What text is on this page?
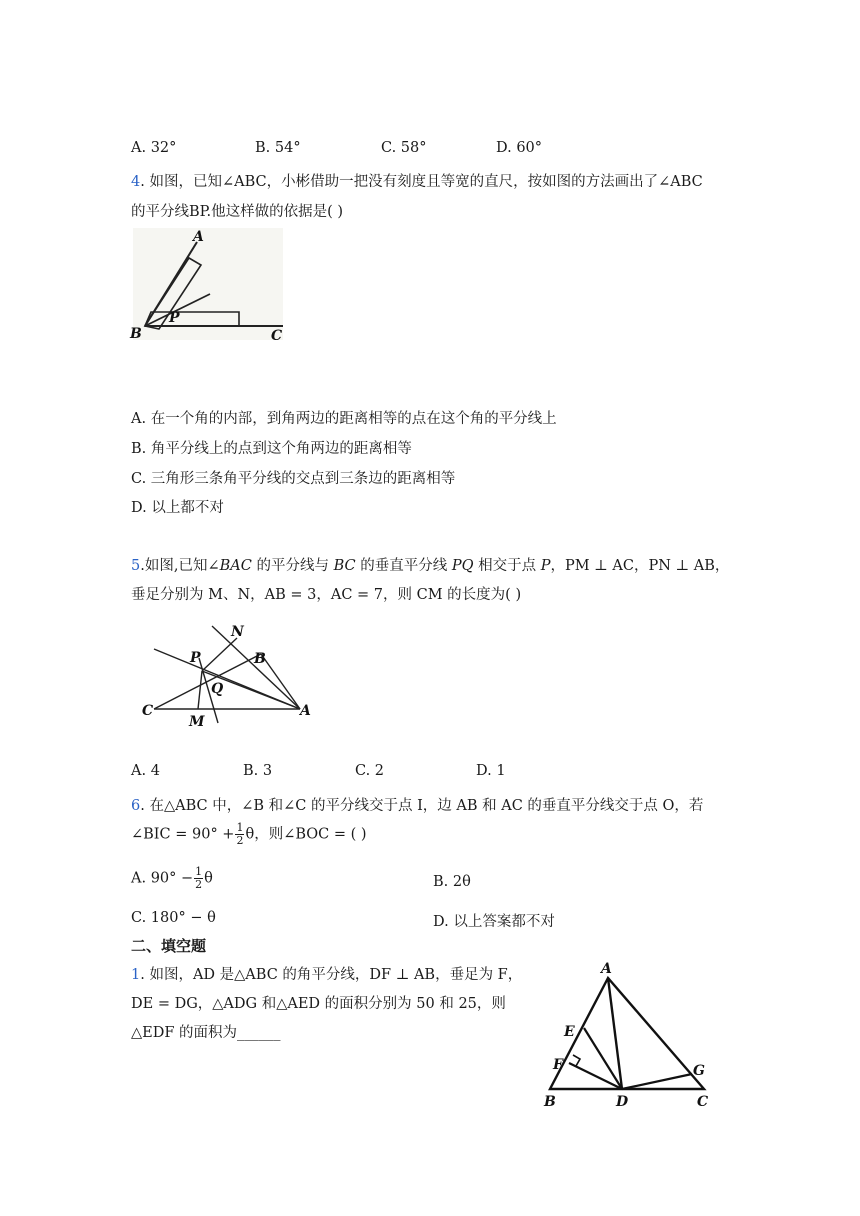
A. 32°	B. 54°	C. 58°	D. 60°
4. 如图，已知∠ABC，小彬借助一把没有刻度且等宽的直尺，按如图的方法画出了∠ABC
的平分线BP.他这样做的依据是( )
A
B	C
P
A. 在一个角的内部，到角两边的距离相等的点在这个角的平分线上
B. 角平分线上的点到这个角两边的距离相等
C. 三角形三条角平分线的交点到三条边的距离相等
D. 以上都不对
5.如图,已知∠BAC 的平分线与 BC 的垂直平分线 PQ 相交于点 P，PM ⊥ AC，PN ⊥ AB，
垂足分别为 M、N，AB = 3，AC = 7，则 CM 的长度为( )
N
P	B
Q
C
M
A
A. 4	B. 3	C. 2	D. 1
6. 在△ABC 中，∠B 和∠C 的平分线交于点 I，边 AB 和 AC 的垂直平分线交于点 O，若
∠BIC = $90^\circ + \frac{1}{2}$ θ，则∠BOC = ( )
A. $90^\circ - \frac{1}{2}$ θ	B. 2θ
C. 180° − θ	D. 以上答案都不对
二、填空题
1. 如图，AD 是△ABC 的角平分线，DF ⊥ AB，垂足为 F，
DE = DG，△ADG 和△AED 的面积分别为 50 和 25，则
△EDF 的面积为______
A
E
F	G
B	D	C
